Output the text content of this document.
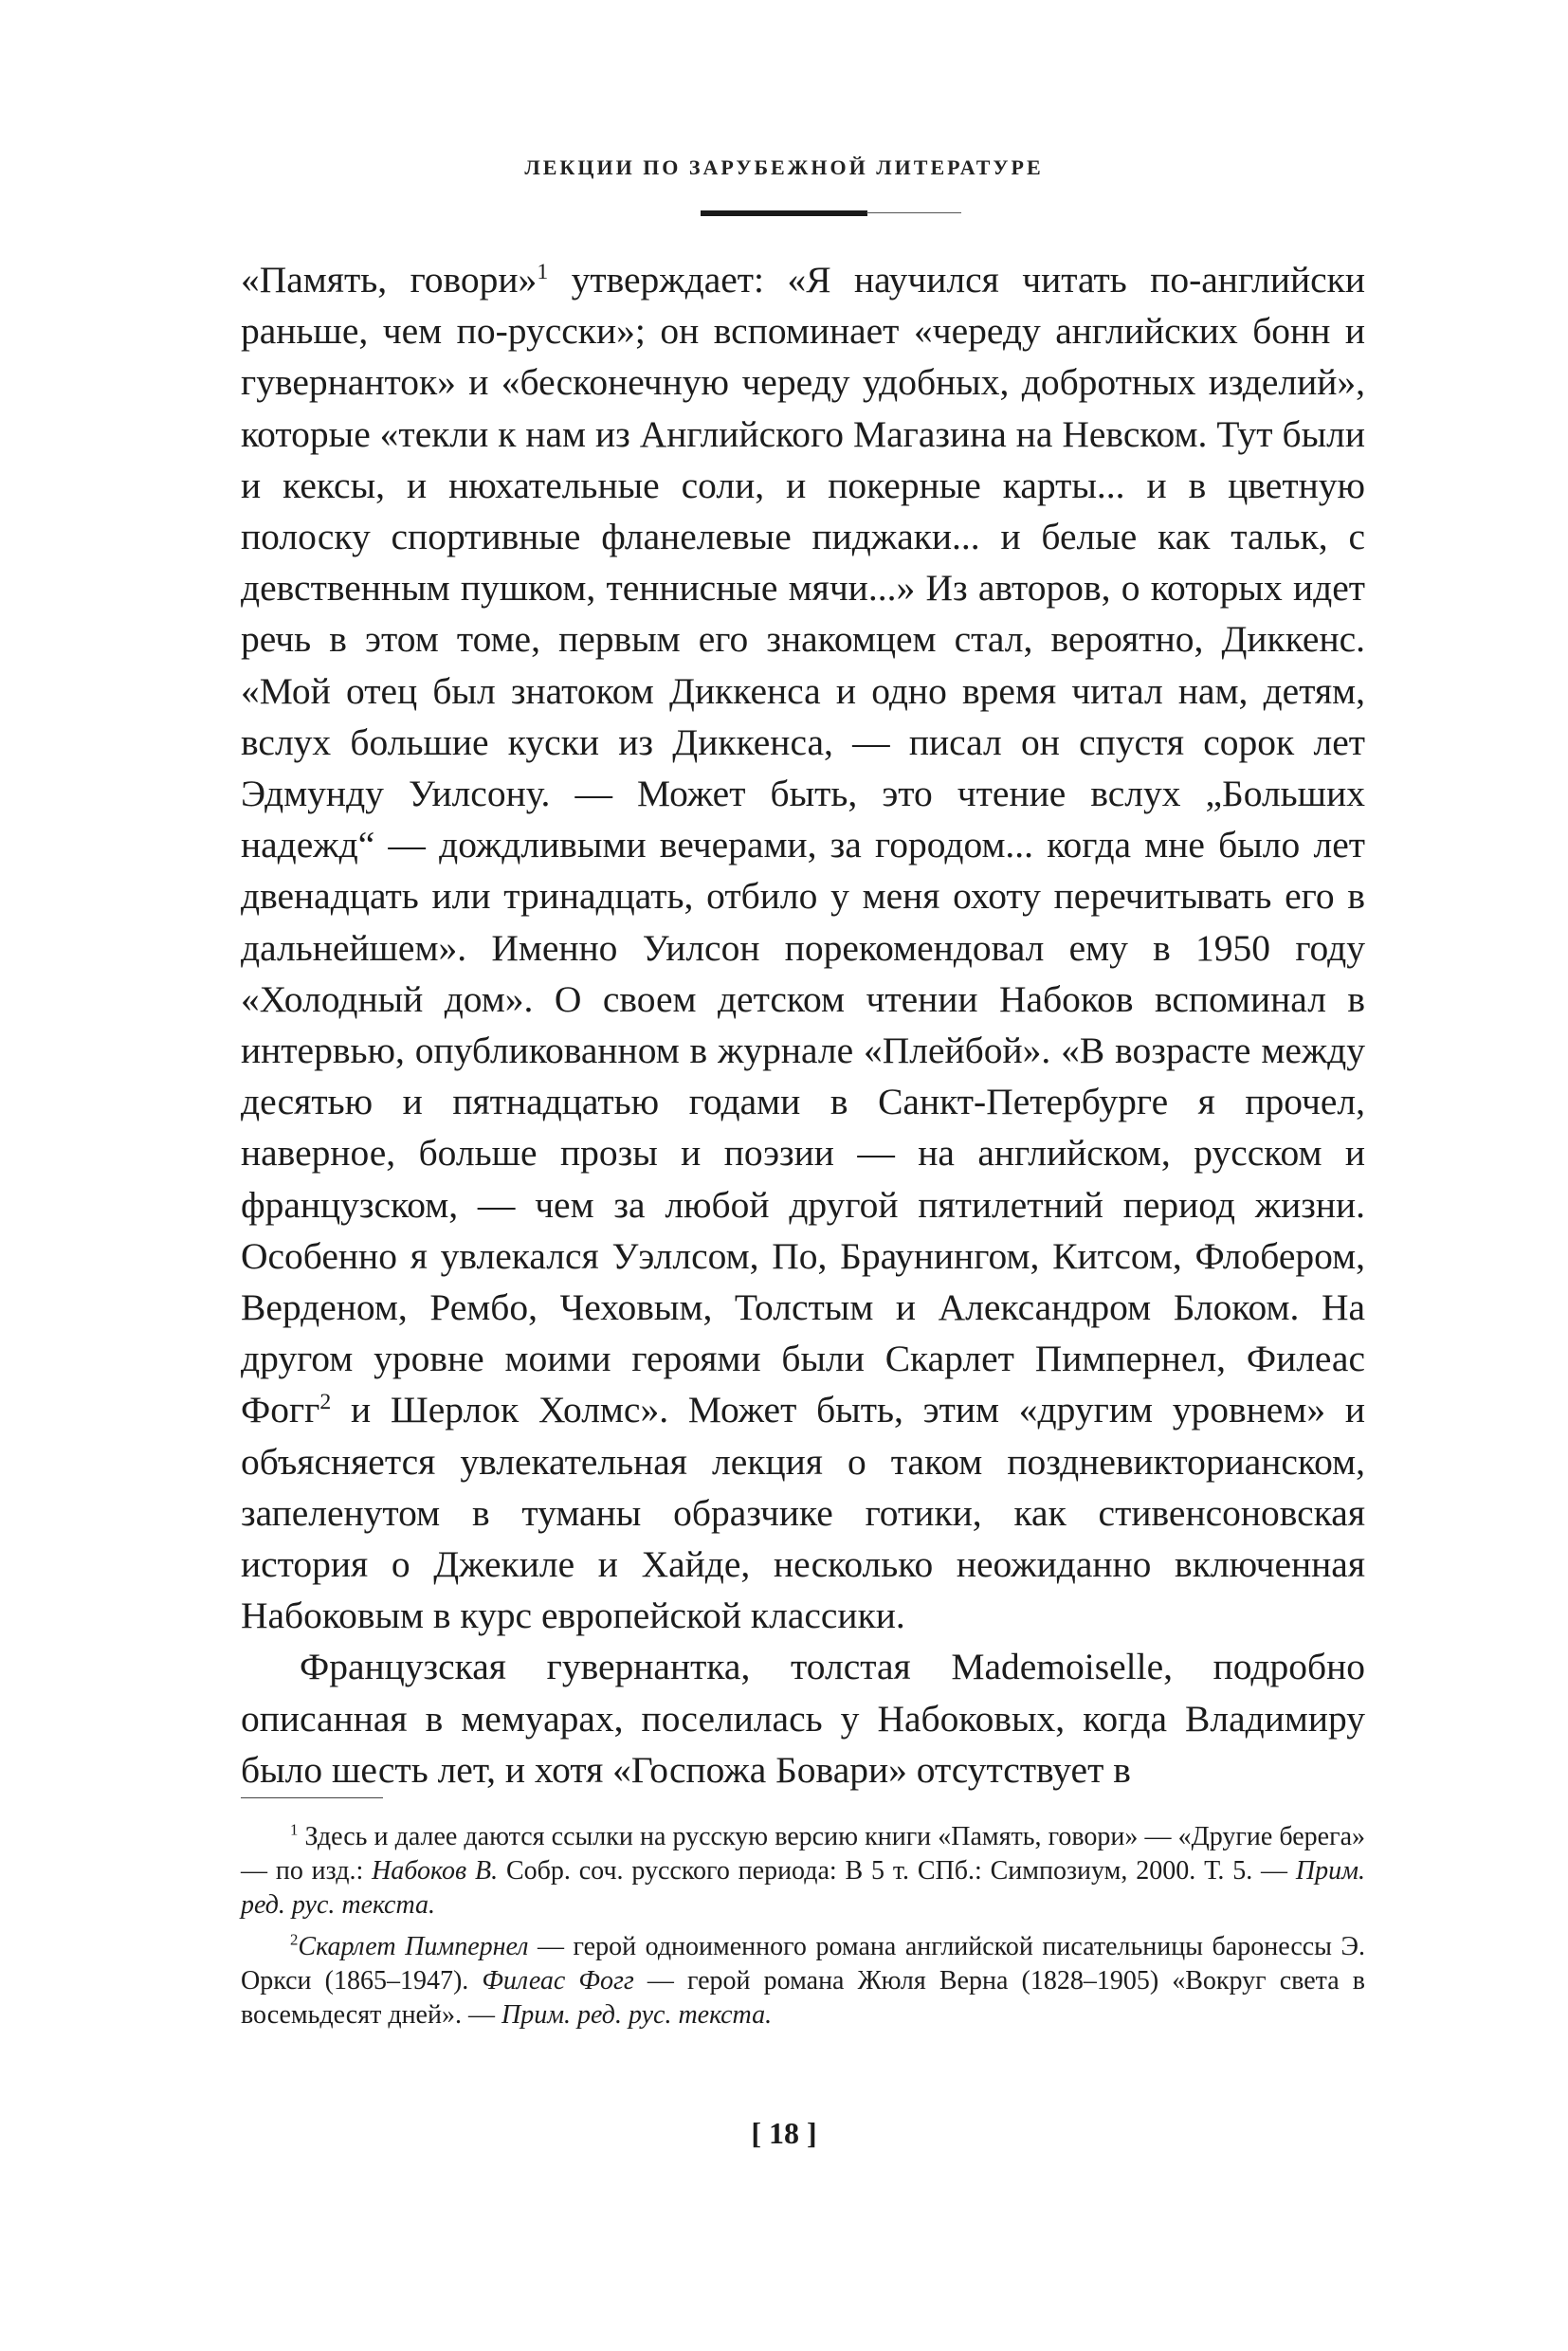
ЛЕКЦИИ ПО ЗАРУБЕЖНОЙ ЛИТЕРАТУРЕ

«Память, говори»$^1$ утверждает: «Я научился читать по-английски раньше, чем по-русски»; он вспоминает «череду английских бонн и гувернанток» и «бесконечную череду удобных, добротных изделий», которые «текли к нам из Английского Магазина на Невском. Тут были и кексы, и нюхательные соли, и покерные карты... и в цветную полоску спортивные фланелевые пиджаки... и белые как тальк, с девственным пушком, теннисные мячи...» Из авторов, о которых идет речь в этом томе, первым его знакомцем стал, вероятно, Диккенс. «Мой отец был знатоком Диккенса и одно время читал нам, детям, вслух большие куски из Диккенса, — писал он спустя сорок лет Эдмунду Уилсону. — Может быть, это чтение вслух „Больших надежд“ — дождливыми вечерами, за городом... когда мне было лет двенадцать или тринадцать, отбило у меня охоту перечитывать его в дальнейшем». Именно Уилсон порекомендовал ему в 1950 году «Холодный дом». О своем детском чтении Набоков вспоминал в интервью, опубликованном в журнале «Плейбой». «В возрасте между десятью и пятнадцатью годами в Санкт-Петербурге я прочел, наверное, больше прозы и поэзии — на английском, русском и французском, — чем за любой другой пятилетний период жизни. Особенно я увлекался Уэллсом, По, Браунингом, Китсом, Флобером, Верденом, Рембо, Чеховым, Толстым и Александром Блоком. На другом уровне моими героями были Скарлет Пимпернел, Филеас Фогг$^2$ и Шерлок Холмс». Может быть, этим «другим уровнем» и объясняется увлекательная лекция о таком поздневикторианском, запеленутом в туманы образчике готики, как стивенсоновская история о Джекиле и Хайде, несколько неожиданно включенная Набоковым в курс европейской классики.

Французская гувернантка, толстая Mademoiselle, подробно описанная в мемуарах, поселилась у Набоковых, когда Владимиру было шесть лет, и хотя «Госпожа Бовари» отсутствует в

$^1$ Здесь и далее даются ссылки на русскую версию книги «Память, говори» — «Другие берега» — по изд.: Набоков В. Собр. соч. русского периода: В 5 т. СПб.: Симпозиум, 2000. Т. 5. — Прим. ред. рус. текста.

$^2$Скарлет Пимпернел — герой одноименного романа английской писательницы баронессы Э. Оркси (1865–1947). Филеас Фогг — герой романа Жюля Верна (1828–1905) «Вокруг света в восемьдесят дней». — Прим. ред. рус. текста.

[ 18 ]
